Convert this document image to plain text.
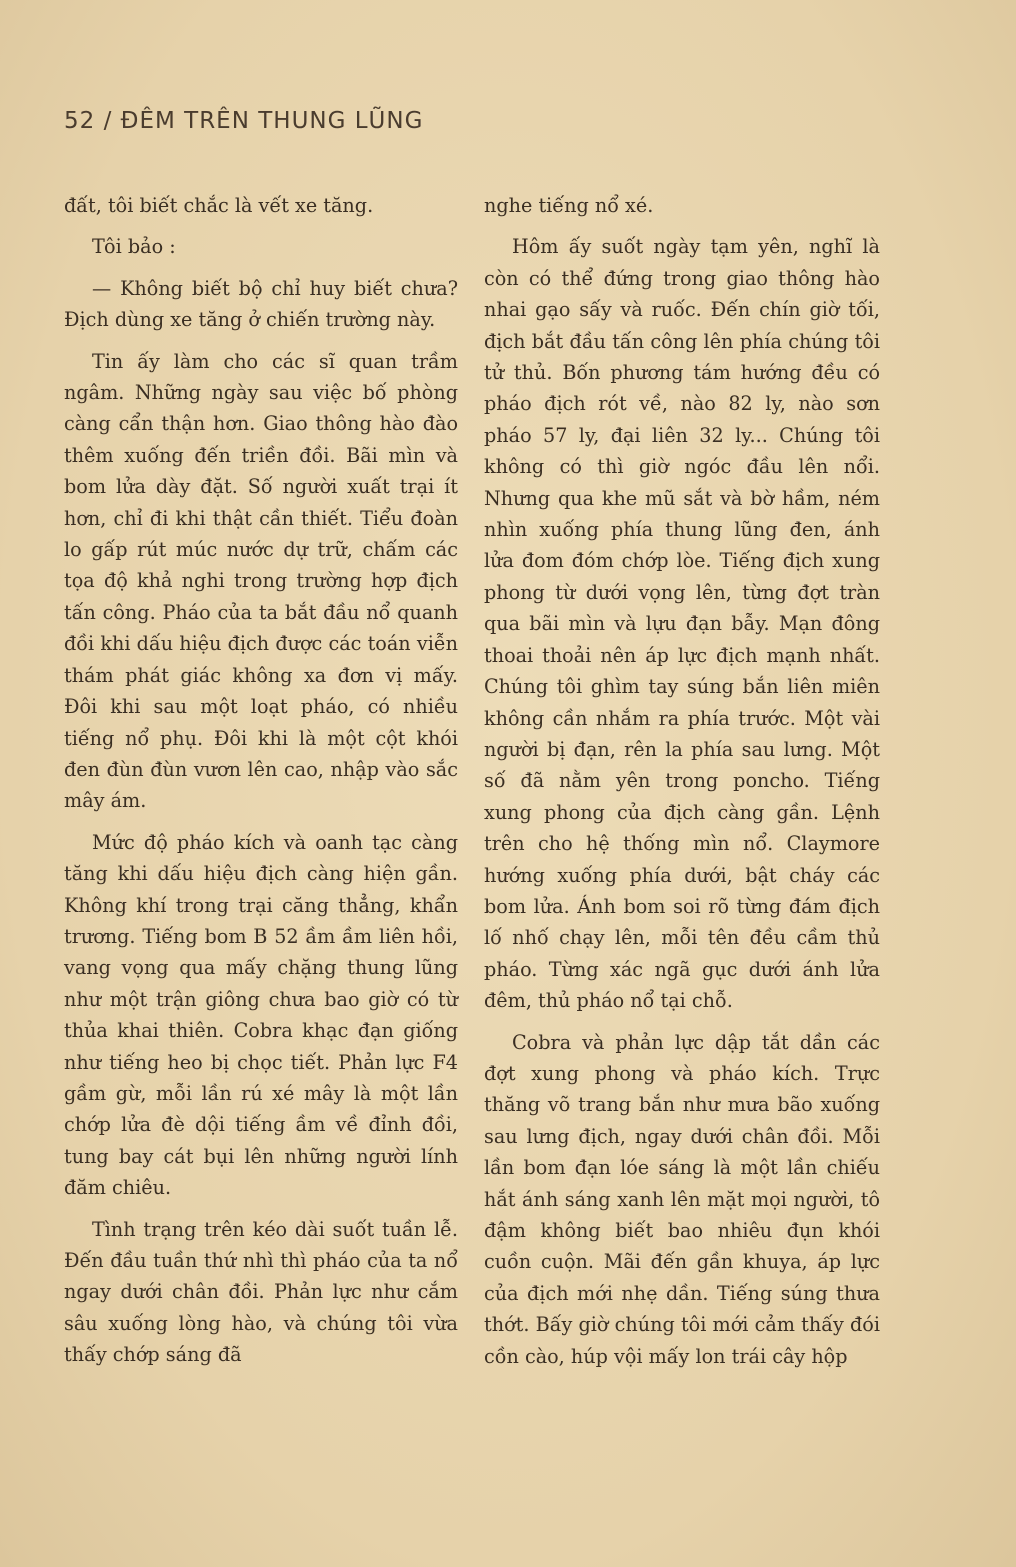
52 / ĐÊM TRÊN THUNG LŨNG

đất, tôi biết chắc là vết xe tăng.

Tôi bảo :

— Không biết bộ chỉ huy biết chưa? Địch dùng xe tăng ở chiến trường này.

Tin ấy làm cho các sĩ quan trầm ngâm. Những ngày sau việc bố phòng càng cẩn thận hơn. Giao thông hào đào thêm xuống đến triền đồi. Bãi mìn và bom lửa dày đặt. Số người xuất trại ít hơn, chỉ đi khi thật cần thiết. Tiểu đoàn lo gấp rút múc nước dự trữ, chấm các tọa độ khả nghi trong trường hợp địch tấn công. Pháo của ta bắt đầu nổ quanh đồi khi dấu hiệu địch được các toán viễn thám phát giác không xa đơn vị mấy. Đôi khi sau một loạt pháo, có nhiều tiếng nổ phụ. Đôi khi là một cột khói đen đùn đùn vươn lên cao, nhập vào sắc mây ám.

Mức độ pháo kích và oanh tạc càng tăng khi dấu hiệu địch càng hiện gần. Không khí trong trại căng thẳng, khẩn trương. Tiếng bom B 52 ầm ầm liên hồi, vang vọng qua mấy chặng thung lũng như một trận giông chưa bao giờ có từ thủa khai thiên. Cobra khạc đạn giống như tiếng heo bị chọc tiết. Phản lực F4 gầm gừ, mỗi lần rú xé mây là một lần chớp lửa đè dội tiếng ầm về đỉnh đồi, tung bay cát bụi lên những người lính đăm chiêu.

Tình trạng trên kéo dài suốt tuần lễ. Đến đầu tuần thứ nhì thì pháo của ta nổ ngay dưới chân đồi. Phản lực như cắm sâu xuống lòng hào, và chúng tôi vừa thấy chớp sáng đã

nghe tiếng nổ xé.

Hôm ấy suốt ngày tạm yên, nghĩ là còn có thể đứng trong giao thông hào nhai gạo sấy và ruốc. Đến chín giờ tối, địch bắt đầu tấn công lên phía chúng tôi tử thủ. Bốn phương tám hướng đều có pháo địch rót về, nào 82 ly, nào sơn pháo 57 ly, đại liên 32 ly... Chúng tôi không có thì giờ ngóc đầu lên nổi. Nhưng qua khe mũ sắt và bờ hầm, ném nhìn xuống phía thung lũng đen, ánh lửa đom đóm chớp lòe. Tiếng địch xung phong từ dưới vọng lên, từng đợt tràn qua bãi mìn và lựu đạn bẫy. Mạn đông thoai thoải nên áp lực địch mạnh nhất. Chúng tôi ghìm tay súng bắn liên miên không cần nhắm ra phía trước. Một vài người bị đạn, rên la phía sau lưng. Một số đã nằm yên trong poncho. Tiếng xung phong của địch càng gần. Lệnh trên cho hệ thống mìn nổ. Claymore hướng xuống phía dưới, bật cháy các bom lửa. Ánh bom soi rõ từng đám địch lố nhố chạy lên, mỗi tên đều cầm thủ pháo. Từng xác ngã gục dưới ánh lửa đêm, thủ pháo nổ tại chỗ.

Cobra và phản lực dập tắt dần các đợt xung phong và pháo kích. Trực thăng võ trang bắn như mưa bão xuống sau lưng địch, ngay dưới chân đồi. Mỗi lần bom đạn lóe sáng là một lần chiếu hắt ánh sáng xanh lên mặt mọi người, tô đậm không biết bao nhiêu đụn khói cuồn cuộn. Mãi đến gần khuya, áp lực của địch mới nhẹ dần. Tiếng súng thưa thớt. Bấy giờ chúng tôi mới cảm thấy đói cồn cào, húp vội mấy lon trái cây hộp
